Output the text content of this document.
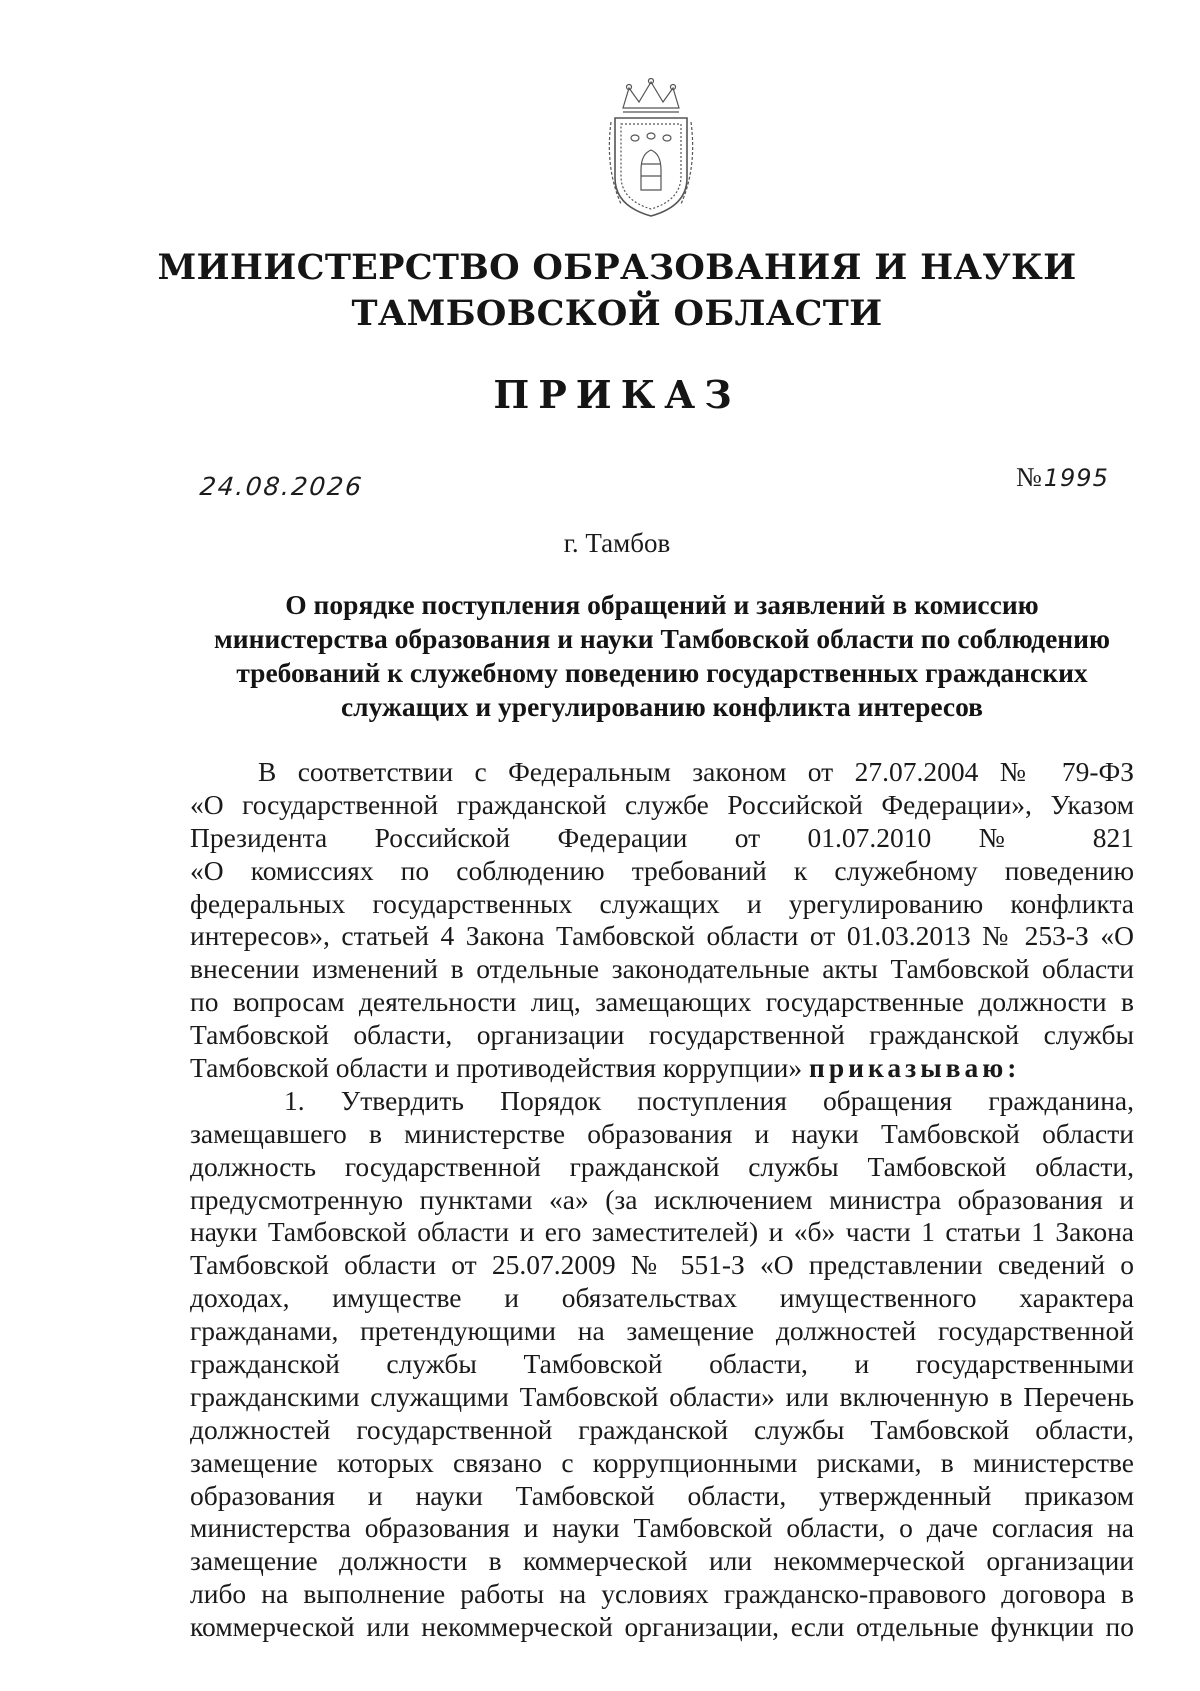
МИНИСТЕРСТВО ОБРАЗОВАНИЯ И НАУКИ
ТАМБОВСКОЙ ОБЛАСТИ
ПРИКАЗ
24.08.2026	№1995
г. Тамбов
О порядке поступления обращений и заявлений в комиссию
министерства образования и науки Тамбовской области по соблюдению
требований к служебному поведению государственных гражданских
служащих и урегулированию конфликта интересов
В соответствии с Федеральным законом от 27.07.2004 № 79-ФЗ
«О государственной гражданской службе Российской Федерации», Указом
Президента Российской Федерации от 01.07.2010 № 821
«О комиссиях по соблюдению требований к служебному поведению
федеральных государственных служащих и урегулированию конфликта
интересов», статьей 4 Закона Тамбовской области от 01.03.2013 № 253-З «О
внесении изменений в отдельные законодательные акты Тамбовской области
по вопросам деятельности лиц, замещающих государственные должности в
Тамбовской области, организации государственной гражданской службы
Тамбовской области и противодействия коррупции» приказываю:
1. Утвердить Порядок поступления обращения гражданина,
замещавшего в министерстве образования и науки Тамбовской области
должность государственной гражданской службы Тамбовской области,
предусмотренную пунктами «а» (за исключением министра образования и
науки Тамбовской области и его заместителей) и «б» части 1 статьи 1 Закона
Тамбовской области от 25.07.2009 № 551-З «О представлении сведений о
доходах, имуществе и обязательствах имущественного характера
гражданами, претендующими на замещение должностей государственной
гражданской службы Тамбовской области, и государственными
гражданскими служащими Тамбовской области» или включенную в Перечень
должностей государственной гражданской службы Тамбовской области,
замещение которых связано с коррупционными рисками, в министерстве
образования и науки Тамбовской области, утвержденный приказом
министерства образования и науки Тамбовской области, о даче согласия на
замещение должности в коммерческой или некоммерческой организации
либо на выполнение работы на условиях гражданско-правового договора в
коммерческой или некоммерческой организации, если отдельные функции по
